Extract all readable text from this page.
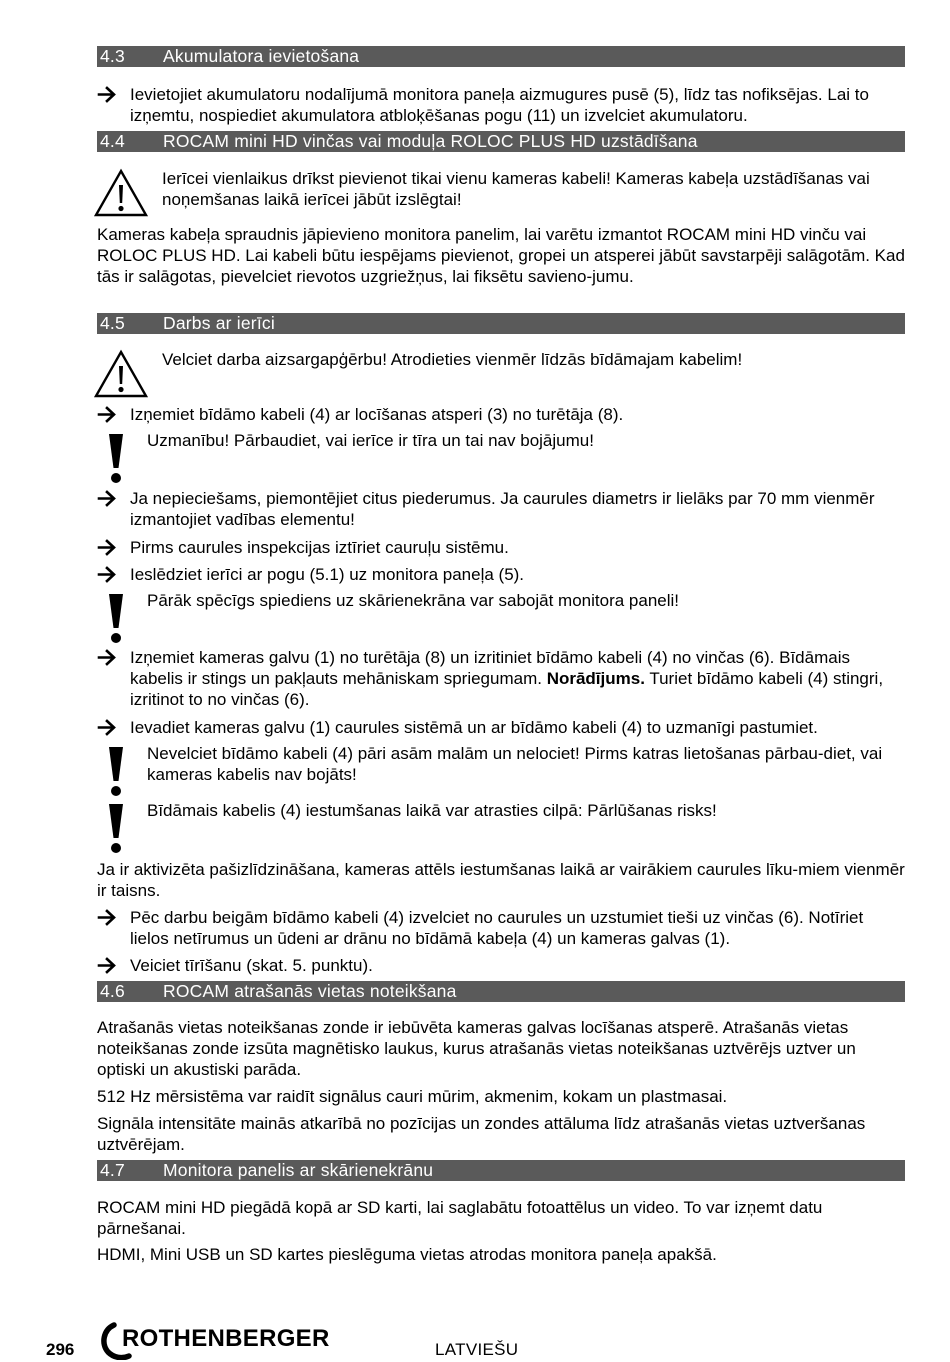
4.3 Akumulatora ievietošana

Ievietojiet akumulatoru nodalījumā monitora paneļa aizmugures pusē (5), līdz tas nofiksējas. Lai to izņemtu, nospiediet akumulatora atbloķēšanas pogu (11) un izvelciet akumulatoru.

4.4 ROCAM mini HD vinčas vai moduļa ROLOC PLUS HD uzstādīšana

Ierīcei vienlaikus drīkst pievienot tikai vienu kameras kabeli! Kameras kabeļa uzstādīšanas vai noņemšanas laikā ierīcei jābūt izslēgtai!

Kameras kabeļa spraudnis jāpievieno monitora panelim, lai varētu izmantot ROCAM mini HD vinču vai ROLOC PLUS HD. Lai kabeli būtu iespējams pievienot, gropei un atsperei jābūt savstarpēji salāgotām. Kad tās ir salāgotas, pievelciet rievotos uzgriežņus, lai fiksētu savieno-jumu.

4.5 Darbs ar ierīci

Velciet darba aizsargapģērbu! Atrodieties vienmēr līdzās bīdāmajam kabelim!

Izņemiet bīdāmo kabeli (4) ar locīšanas atsperi (3) no turētāja (8).

Uzmanību! Pārbaudiet, vai ierīce ir tīra un tai nav bojājumu!

Ja nepieciešams, piemontējiet citus piederumus. Ja caurules diametrs ir lielāks par 70 mm vienmēr izmantojiet vadības elementu!

Pirms caurules inspekcijas iztīriet cauruļu sistēmu.

Ieslēdziet ierīci ar pogu (5.1) uz monitora paneļa (5).

Pārāk spēcīgs spiediens uz skārienekrāna var sabojāt monitora paneli!

Izņemiet kameras galvu (1) no turētāja (8) un izritiniet bīdāmo kabeli (4) no vinčas (6). Bīdāmais kabelis ir stings un pakļauts mehāniskam spriegumam. Norādījums. Turiet bīdāmo kabeli (4) stingri, izritinot to no vinčas (6).

Ievadiet kameras galvu (1) caurules sistēmā un ar bīdāmo kabeli (4) to uzmanīgi pastumiet.

Nevelciet bīdāmo kabeli (4) pāri asām malām un nelociet! Pirms katras lietošanas pārbau-diet, vai kameras kabelis nav bojāts!

Bīdāmais kabelis (4) iestumšanas laikā var atrasties cilpā: Pārlūšanas risks!

Ja ir aktivizēta pašizlīdzināšana, kameras attēls iestumšanas laikā ar vairākiem caurules līku-miem vienmēr ir taisns.

Pēc darbu beigām bīdāmo kabeli (4) izvelciet no caurules un uzstumiet tieši uz vinčas (6). Notīriet lielos netīrumus un ūdeni ar drānu no bīdāmā kabeļa (4) un kameras galvas (1).

Veiciet tīrīšanu (skat. 5. punktu).

4.6 ROCAM atrašanās vietas noteikšana

Atrašanās vietas noteikšanas zonde ir iebūvēta kameras galvas locīšanas atsperē. Atrašanās vietas noteikšanas zonde izsūta magnētisko laukus, kurus atrašanās vietas noteikšanas uztvērējs uztver un optiski un akustiski parāda.

512 Hz mērsistēma var raidīt signālus cauri mūrim, akmenim, kokam un plastmasai.

Signāla intensitāte mainās atkarībā no pozīcijas un zondes attāluma līdz atrašanās vietas uztveršanas uztvērējam.

4.7 Monitora panelis ar skārienekrānu

ROCAM mini HD piegādā kopā ar SD karti, lai saglabātu fotoattēlus un video. To var izņemt datu pārnešanai.

HDMI, Mini USB un SD kartes pieslēguma vietas atrodas monitora paneļa apakšā.

296 ROTHENBERGER	LATVIEŠU
